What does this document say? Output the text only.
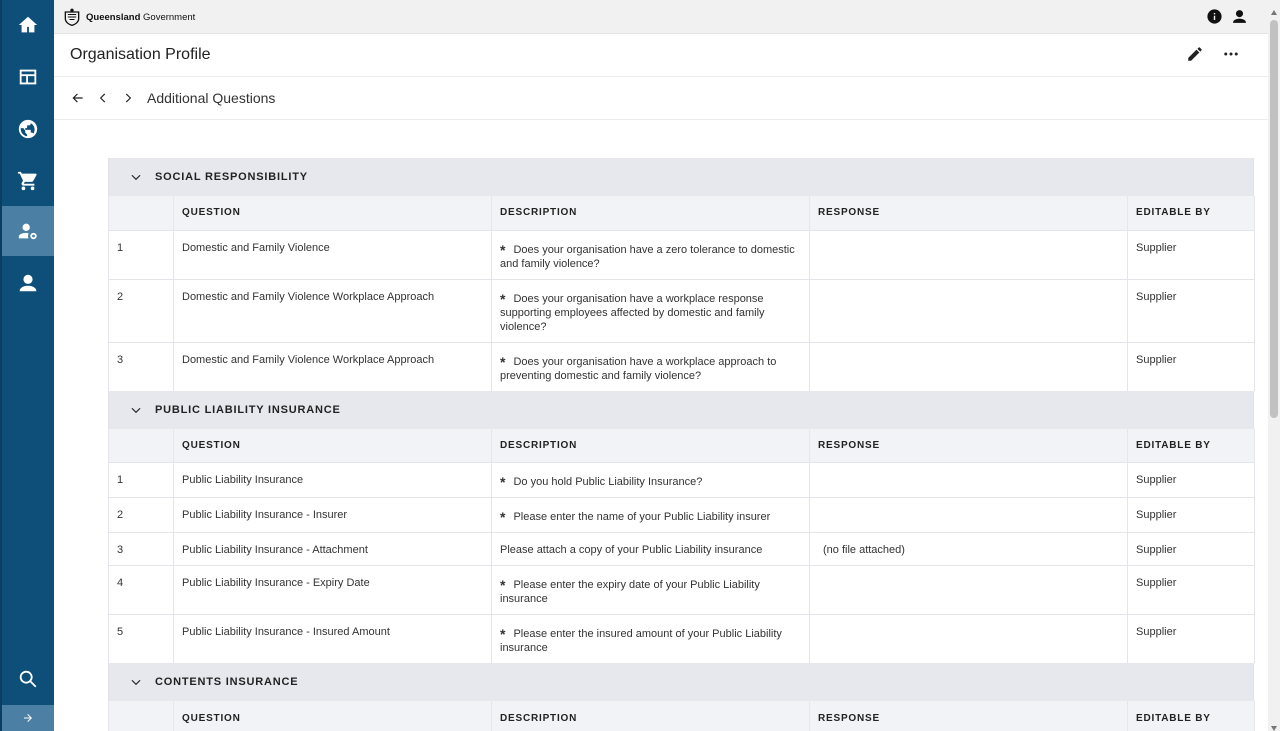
Queensland Government
Organisation Profile
Additional Questions
SOCIAL RESPONSIBILITY
	QUESTION	DESCRIPTION	RESPONSE	EDITABLE BY
1	Domestic and Family Violence	* Does your organisation have a zero tolerance to domestic and family violence?		Supplier
2	Domestic and Family Violence Workplace Approach	* Does your organisation have a workplace response supporting employees affected by domestic and family violence?		Supplier
3	Domestic and Family Violence Workplace Approach	* Does your organisation have a workplace approach to preventing domestic and family violence?		Supplier
PUBLIC LIABILITY INSURANCE
	QUESTION	DESCRIPTION	RESPONSE	EDITABLE BY
1	Public Liability Insurance	* Do you hold Public Liability Insurance?		Supplier
2	Public Liability Insurance - Insurer	* Please enter the name of your Public Liability insurer		Supplier
3	Public Liability Insurance - Attachment	Please attach a copy of your Public Liability insurance	(no file attached)	Supplier
4	Public Liability Insurance - Expiry Date	* Please enter the expiry date of your Public Liability insurance		Supplier
5	Public Liability Insurance - Insured Amount	* Please enter the insured amount of your Public Liability insurance		Supplier
CONTENTS INSURANCE
	QUESTION	DESCRIPTION	RESPONSE	EDITABLE BY
